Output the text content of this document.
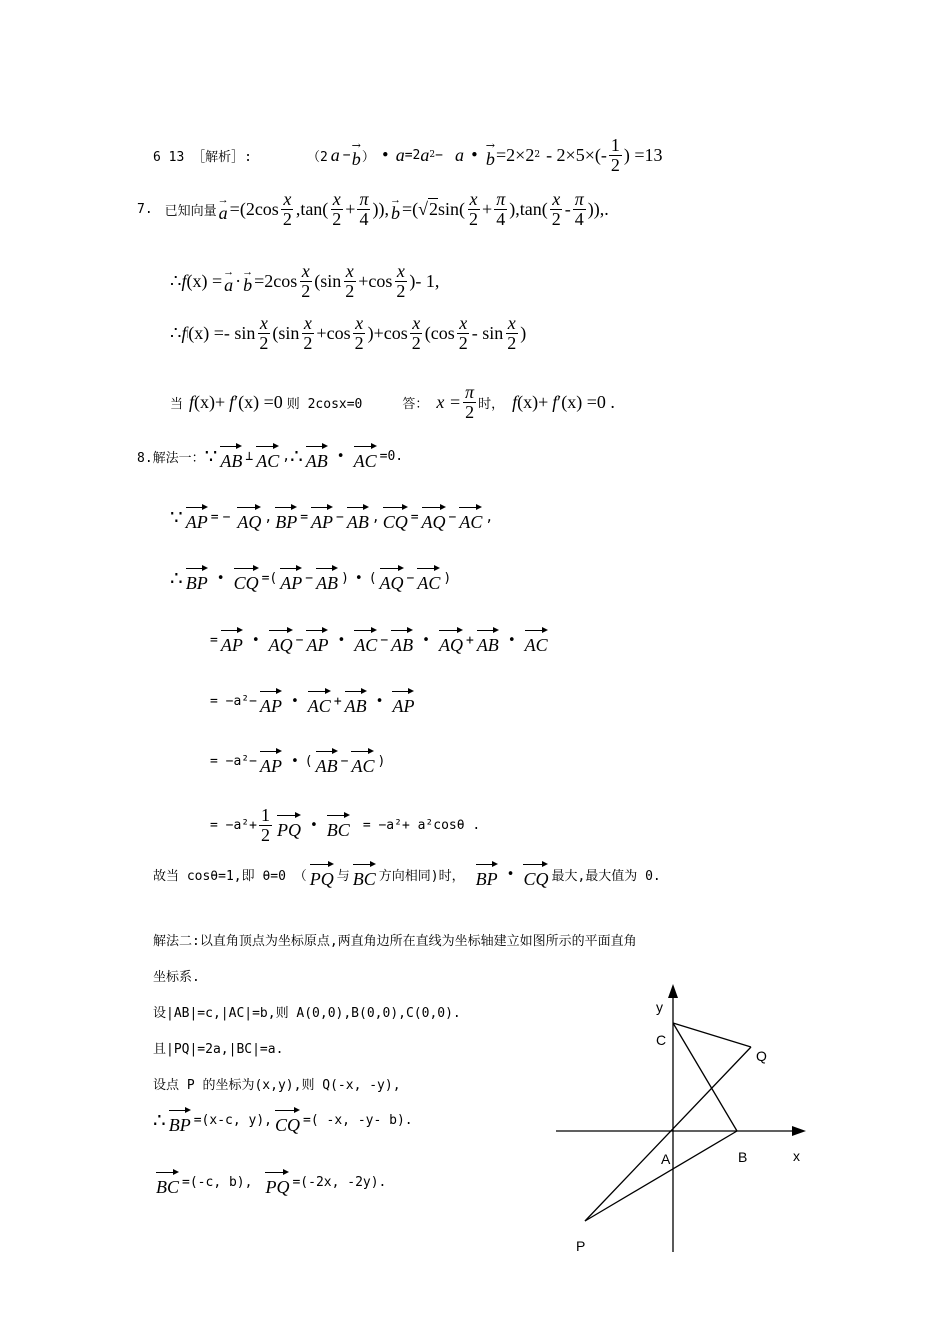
6 13 ［解析］:	（2 a −
→
b ） • a =2 a 2 − a •
→
b =2×2 $2 - 2\times 5\times(- \frac{1}{2}$ ) =13
7. 已知向量
→
$a =(2\cos \frac{x}{2} ,\tan( \frac{x}{2} + \frac{\pi}{4}$ )), →
b =( √ 2 $\sin( \frac{x}{2} + \frac{\pi}{4} ),\tan( \frac{x}{2} - \frac{\pi}{4}$ )),.
∴ f (x) = →
a · →
$b =2\cos \frac{x}{2} (\sin \frac{x}{2} +\cos \frac{x}{2}$ )- 1,
∴ f | $(x) =- \sin \frac{x}{2} (\sin \frac{x}{2} +\cos \frac{x}{2} )+\cos \frac{x}{2} (\cos \frac{x}{2} - \sin \frac{x}{2}$ )
当 f (x)+ f ′ (x) =0 则 2cosx=0	答： $x = \frac{\pi}{2}$ 时， f (x)+ f ′ (x) =0 .
8.解法一： ∵ AB ⊥ AC , ∴ AB • AC =0.
∵ AP = − AQ , BP = AP − AB , CQ = AQ − AC ,
∴ BP • CQ = ( AP − AB ) • ( AQ − AC )
= AP • AQ − AP • AC − AB • AQ + AB • AC
= −a²− AP • AC + AB • AP
= −a²− AP • ( AB − AC )
= $-a^2+ \frac{1}{2}$ PQ • BC = −a²+ a²cosθ .
故当 cosθ=1,即 θ=0 （ PQ 与 BC 方向相同)时， BP • CQ 最大,最大值为 0.
解法二:以直角顶点为坐标原点,两直角边所在直线为坐标轴建立如图所示的平面直角
坐标系.
设|AB|=c,|AC|=b,则 A(0,0),B(0,0),C(0,0).
且|PQ|=2a,|BC|=a.
设点 P 的坐标为(x,y),则 Q(-x, -y),
∴ BP =(x-c, y), CQ =( -x, -y- b).
BC =(-c, b), PQ =(-2x, -2y).
y
x
C
Q
A	B
P
